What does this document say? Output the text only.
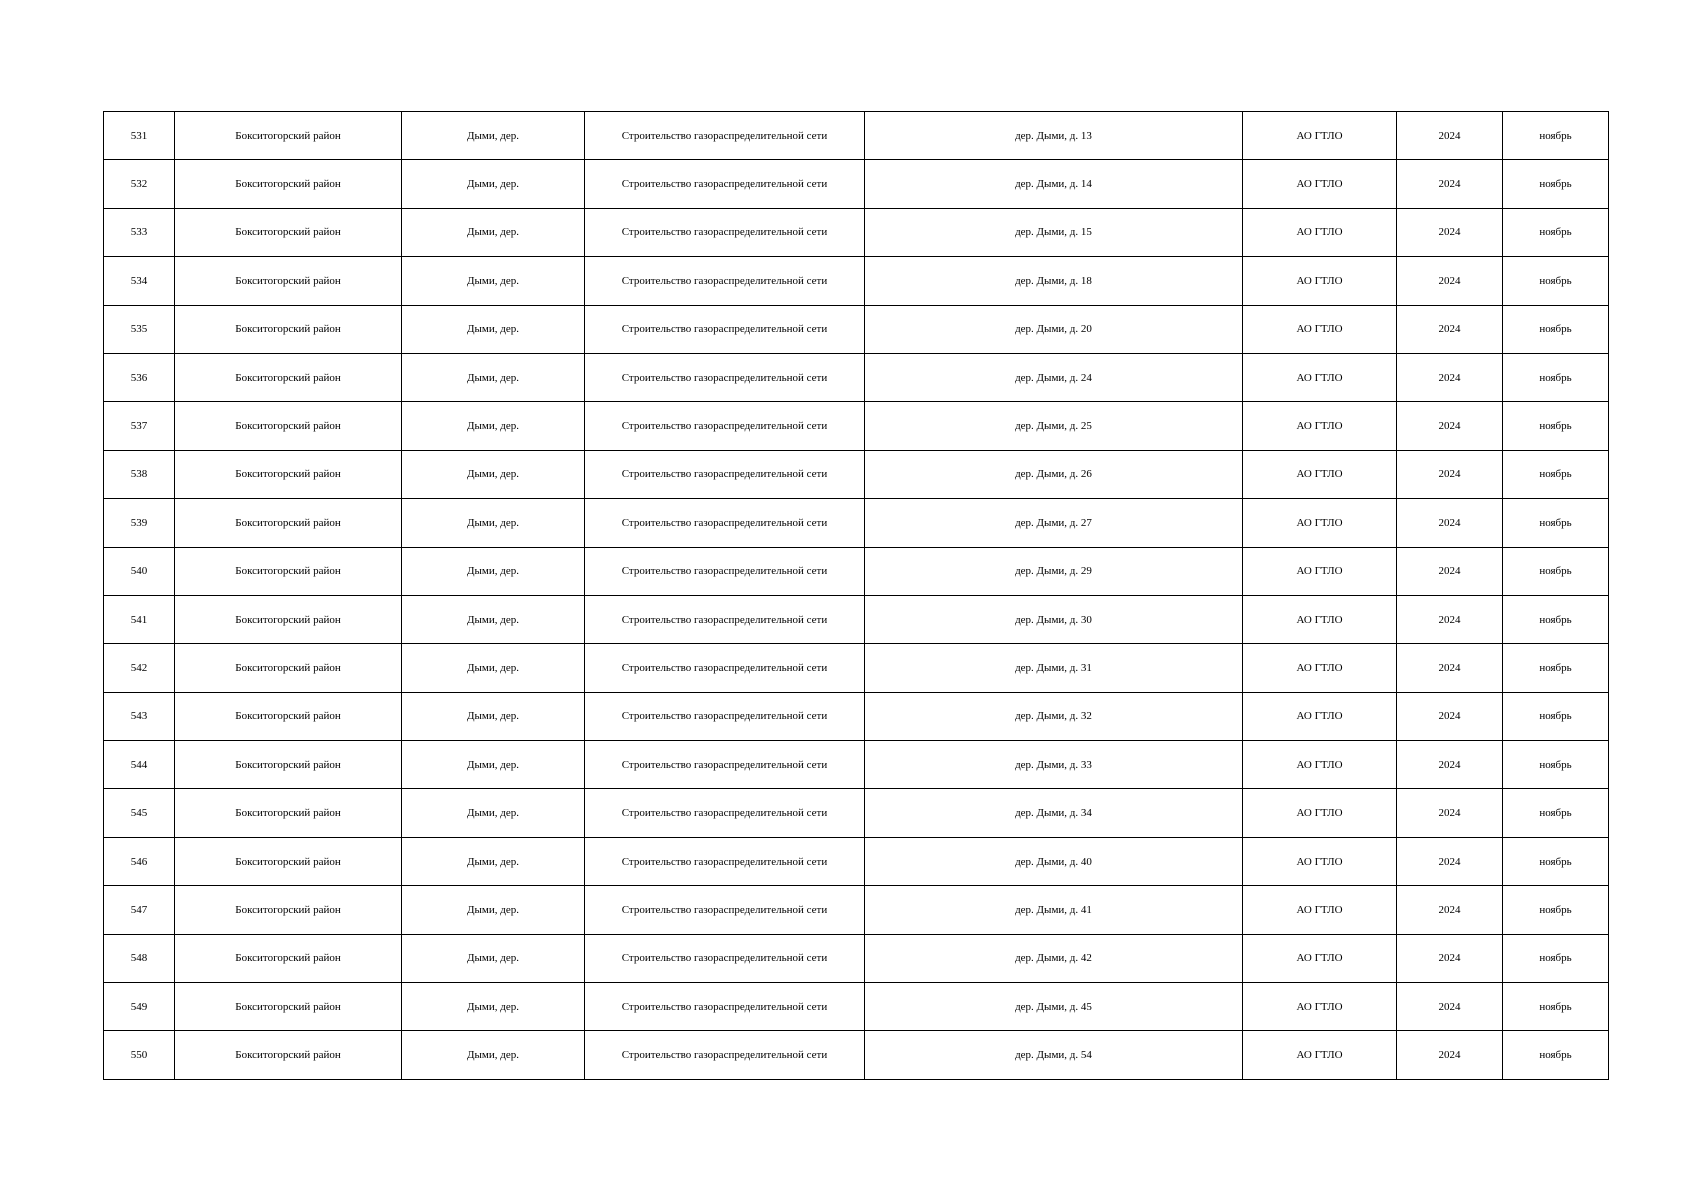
531	Бокситогорский район	Дыми, дер.	Строительство газораспределительной сети	дер. Дыми, д. 13	АО ГТЛО	2024	ноябрь
532	Бокситогорский район	Дыми, дер.	Строительство газораспределительной сети	дер. Дыми, д. 14	АО ГТЛО	2024	ноябрь
533	Бокситогорский район	Дыми, дер.	Строительство газораспределительной сети	дер. Дыми, д. 15	АО ГТЛО	2024	ноябрь
534	Бокситогорский район	Дыми, дер.	Строительство газораспределительной сети	дер. Дыми, д. 18	АО ГТЛО	2024	ноябрь
535	Бокситогорский район	Дыми, дер.	Строительство газораспределительной сети	дер. Дыми, д. 20	АО ГТЛО	2024	ноябрь
536	Бокситогорский район	Дыми, дер.	Строительство газораспределительной сети	дер. Дыми, д. 24	АО ГТЛО	2024	ноябрь
537	Бокситогорский район	Дыми, дер.	Строительство газораспределительной сети	дер. Дыми, д. 25	АО ГТЛО	2024	ноябрь
538	Бокситогорский район	Дыми, дер.	Строительство газораспределительной сети	дер. Дыми, д. 26	АО ГТЛО	2024	ноябрь
539	Бокситогорский район	Дыми, дер.	Строительство газораспределительной сети	дер. Дыми, д. 27	АО ГТЛО	2024	ноябрь
540	Бокситогорский район	Дыми, дер.	Строительство газораспределительной сети	дер. Дыми, д. 29	АО ГТЛО	2024	ноябрь
541	Бокситогорский район	Дыми, дер.	Строительство газораспределительной сети	дер. Дыми, д. 30	АО ГТЛО	2024	ноябрь
542	Бокситогорский район	Дыми, дер.	Строительство газораспределительной сети	дер. Дыми, д. 31	АО ГТЛО	2024	ноябрь
543	Бокситогорский район	Дыми, дер.	Строительство газораспределительной сети	дер. Дыми, д. 32	АО ГТЛО	2024	ноябрь
544	Бокситогорский район	Дыми, дер.	Строительство газораспределительной сети	дер. Дыми, д. 33	АО ГТЛО	2024	ноябрь
545	Бокситогорский район	Дыми, дер.	Строительство газораспределительной сети	дер. Дыми, д. 34	АО ГТЛО	2024	ноябрь
546	Бокситогорский район	Дыми, дер.	Строительство газораспределительной сети	дер. Дыми, д. 40	АО ГТЛО	2024	ноябрь
547	Бокситогорский район	Дыми, дер.	Строительство газораспределительной сети	дер. Дыми, д. 41	АО ГТЛО	2024	ноябрь
548	Бокситогорский район	Дыми, дер.	Строительство газораспределительной сети	дер. Дыми, д. 42	АО ГТЛО	2024	ноябрь
549	Бокситогорский район	Дыми, дер.	Строительство газораспределительной сети	дер. Дыми, д. 45	АО ГТЛО	2024	ноябрь
550	Бокситогорский район	Дыми, дер.	Строительство газораспределительной сети	дер. Дыми, д. 54	АО ГТЛО	2024	ноябрь
